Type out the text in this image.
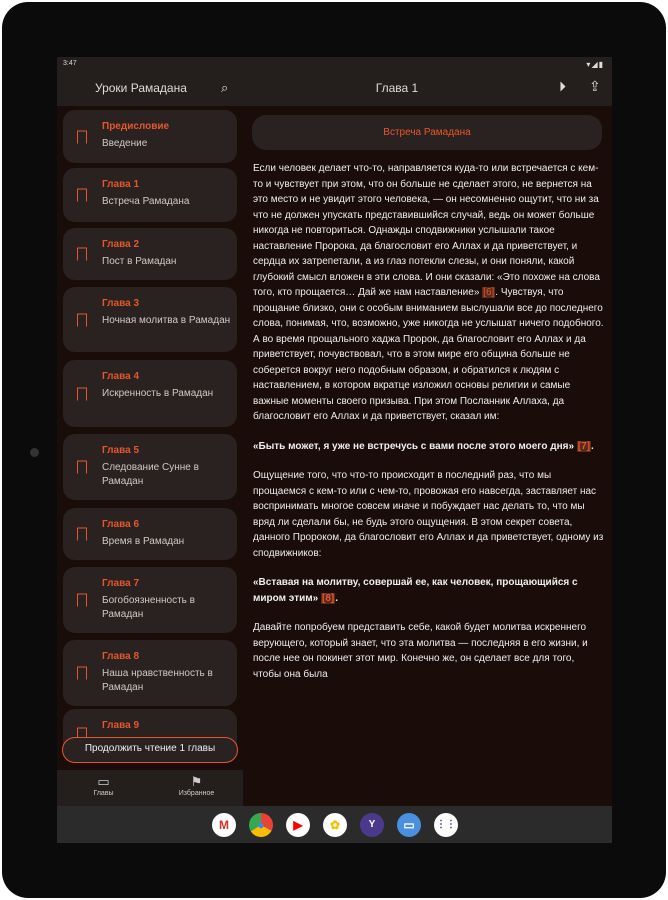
3:47	▾◢▮
Уроки Рамадана	⌕	Глава 1	⏵ ⇪
Предисловие
Введение
Глава 1
Встреча Рамадана
Глава 2
Пост в Рамадан
Глава 3
Ночная молитва в Рамадан
Глава 4
Искренность в Рамадан
Глава 5
Следование Сунне в Рамадан
Глава 6
Время в Рамадан
Глава 7
Богобоязненность в Рамадан
Глава 8
Наша нравственность в Рамадан
Глава 9
Продолжить чтение 1 главы
▭
Главы
⚑
Избранное
Встреча Рамадана

Если человек делает что-то, направляется куда-то или встречается с кем-то и чувствует при этом, что он больше не сделает этого, не вернется на это место и не увидит этого человека, — он несомненно ощутит, что ни за что не должен упускать представившийся случай, ведь он может больше никогда не повториться. Однажды сподвижники услышали такое наставление Пророка, да благословит его Аллах и да приветствует, и сердца их затрепетали, а из глаз потекли слезы, и они поняли, какой глубокий смысл вложен в эти слова. И они сказали: «Это похоже на слова того, кто прощается… Дай же нам наставление» [6]. Чувствуя, что прощание близко, они с особым вниманием выслушали все до последнего слова, понимая, что, возможно, уже никогда не услышат ничего подобного.

А во время прощального хаджа Пророк, да благословит его Аллах и да приветствует, почувствовал, что в этом мире его община больше не соберется вокруг него подобным образом, и обратился к людям с наставлением, в котором вкратце изложил основы религии и самые важные моменты своего призыва. При этом Посланник Аллаха, да благословит его Аллах и да приветствует, сказал им:

«Быть может, я уже не встречусь с вами после этого моего дня» [7].

Ощущение того, что что-то происходит в последний раз, что мы прощаемся с кем-то или с чем-то, провожая его навсегда, заставляет нас воспринимать многое совсем иначе и побуждает нас делать то, что мы вряд ли сделали бы, не будь этого ощущения. В этом секрет совета, данного Пророком, да благословит его Аллах и да приветствует, одному из сподвижников:

«Вставая на молитву, совершай ее, как человек, прощающийся с миром этим» [8].

Давайте попробуем представить себе, какой будет молитва искреннего верующего, который знает, что эта молитва — последняя в его жизни, и после нее он покинет этот мир. Конечно же, он сделает все для того, чтобы она была

M	●	▶	✿	Y	▭	⋮⋮
